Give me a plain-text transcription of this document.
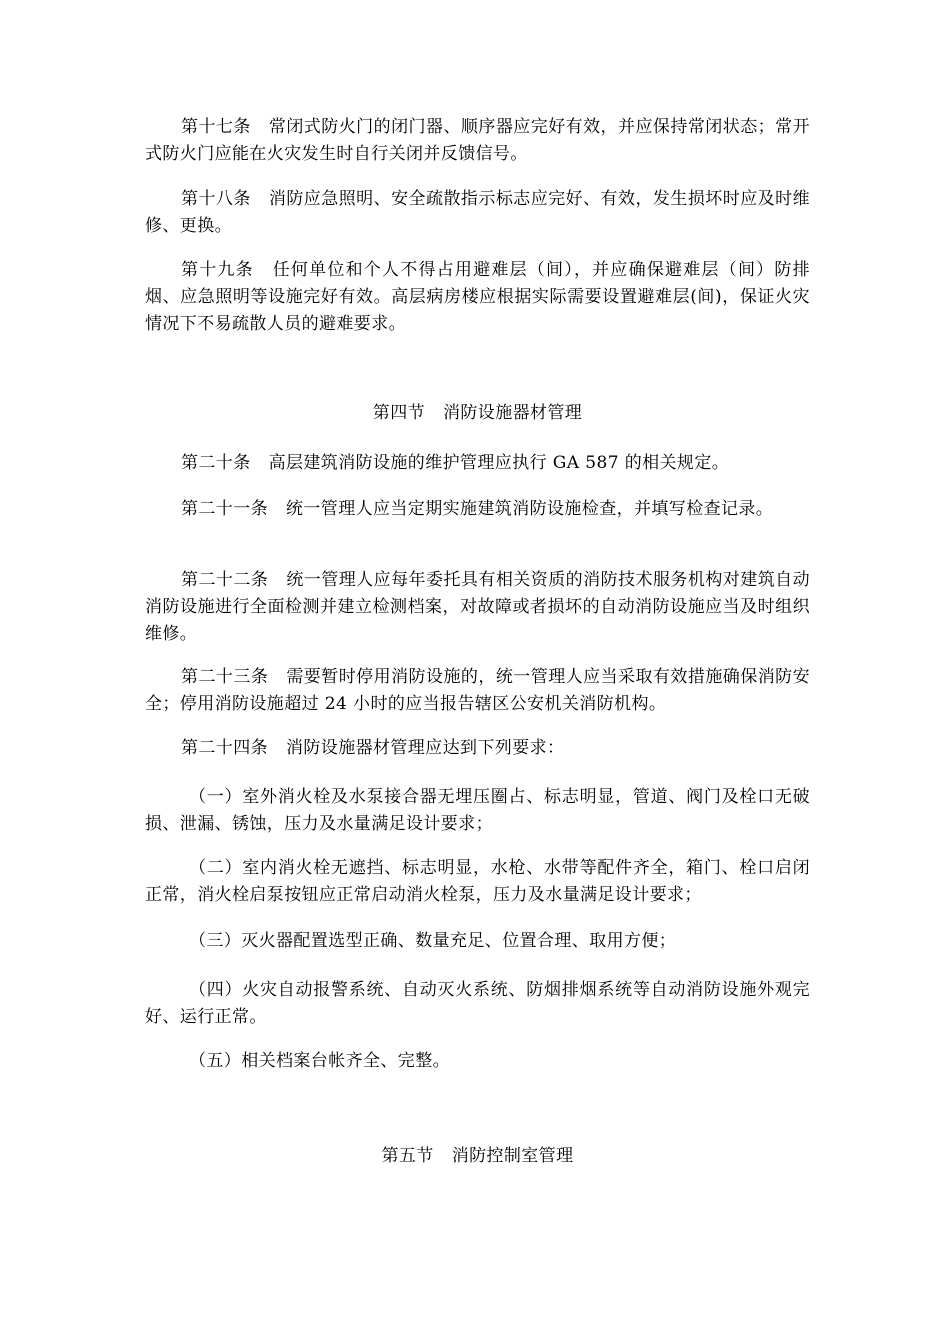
第十七条 常闭式防火门的闭门器、顺序器应完好有效，并应保持常闭状态；常开式防火门应能在火灾发生时自行关闭并反馈信号。

第十八条 消防应急照明、安全疏散指示标志应完好、有效，发生损坏时应及时维修、更换。

第十九条 任何单位和个人不得占用避难层（间），并应确保避难层（间）防排烟、应急照明等设施完好有效。高层病房楼应根据实际需要设置避难层(间)，保证火灾情况下不易疏散人员的避难要求。

第四节 消防设施器材管理

第二十条 高层建筑消防设施的维护管理应执行 GA 587 的相关规定。

第二十一条 统一管理人应当定期实施建筑消防设施检查，并填写检查记录。

第二十二条 统一管理人应每年委托具有相关资质的消防技术服务机构对建筑自动消防设施进行全面检测并建立检测档案，对故障或者损坏的自动消防设施应当及时组织维修。

第二十三条 需要暂时停用消防设施的，统一管理人应当采取有效措施确保消防安全；停用消防设施超过 24 小时的应当报告辖区公安机关消防机构。

第二十四条 消防设施器材管理应达到下列要求：

（一）室外消火栓及水泵接合器无埋压圈占、标志明显，管道、阀门及栓口无破损、泄漏、锈蚀，压力及水量满足设计要求；

（二）室内消火栓无遮挡、标志明显，水枪、水带等配件齐全，箱门、栓口启闭正常，消火栓启泵按钮应正常启动消火栓泵，压力及水量满足设计要求；

（三）灭火器配置选型正确、数量充足、位置合理、取用方便；

（四）火灾自动报警系统、自动灭火系统、防烟排烟系统等自动消防设施外观完好、运行正常。

（五）相关档案台帐齐全、完整。

第五节 消防控制室管理
